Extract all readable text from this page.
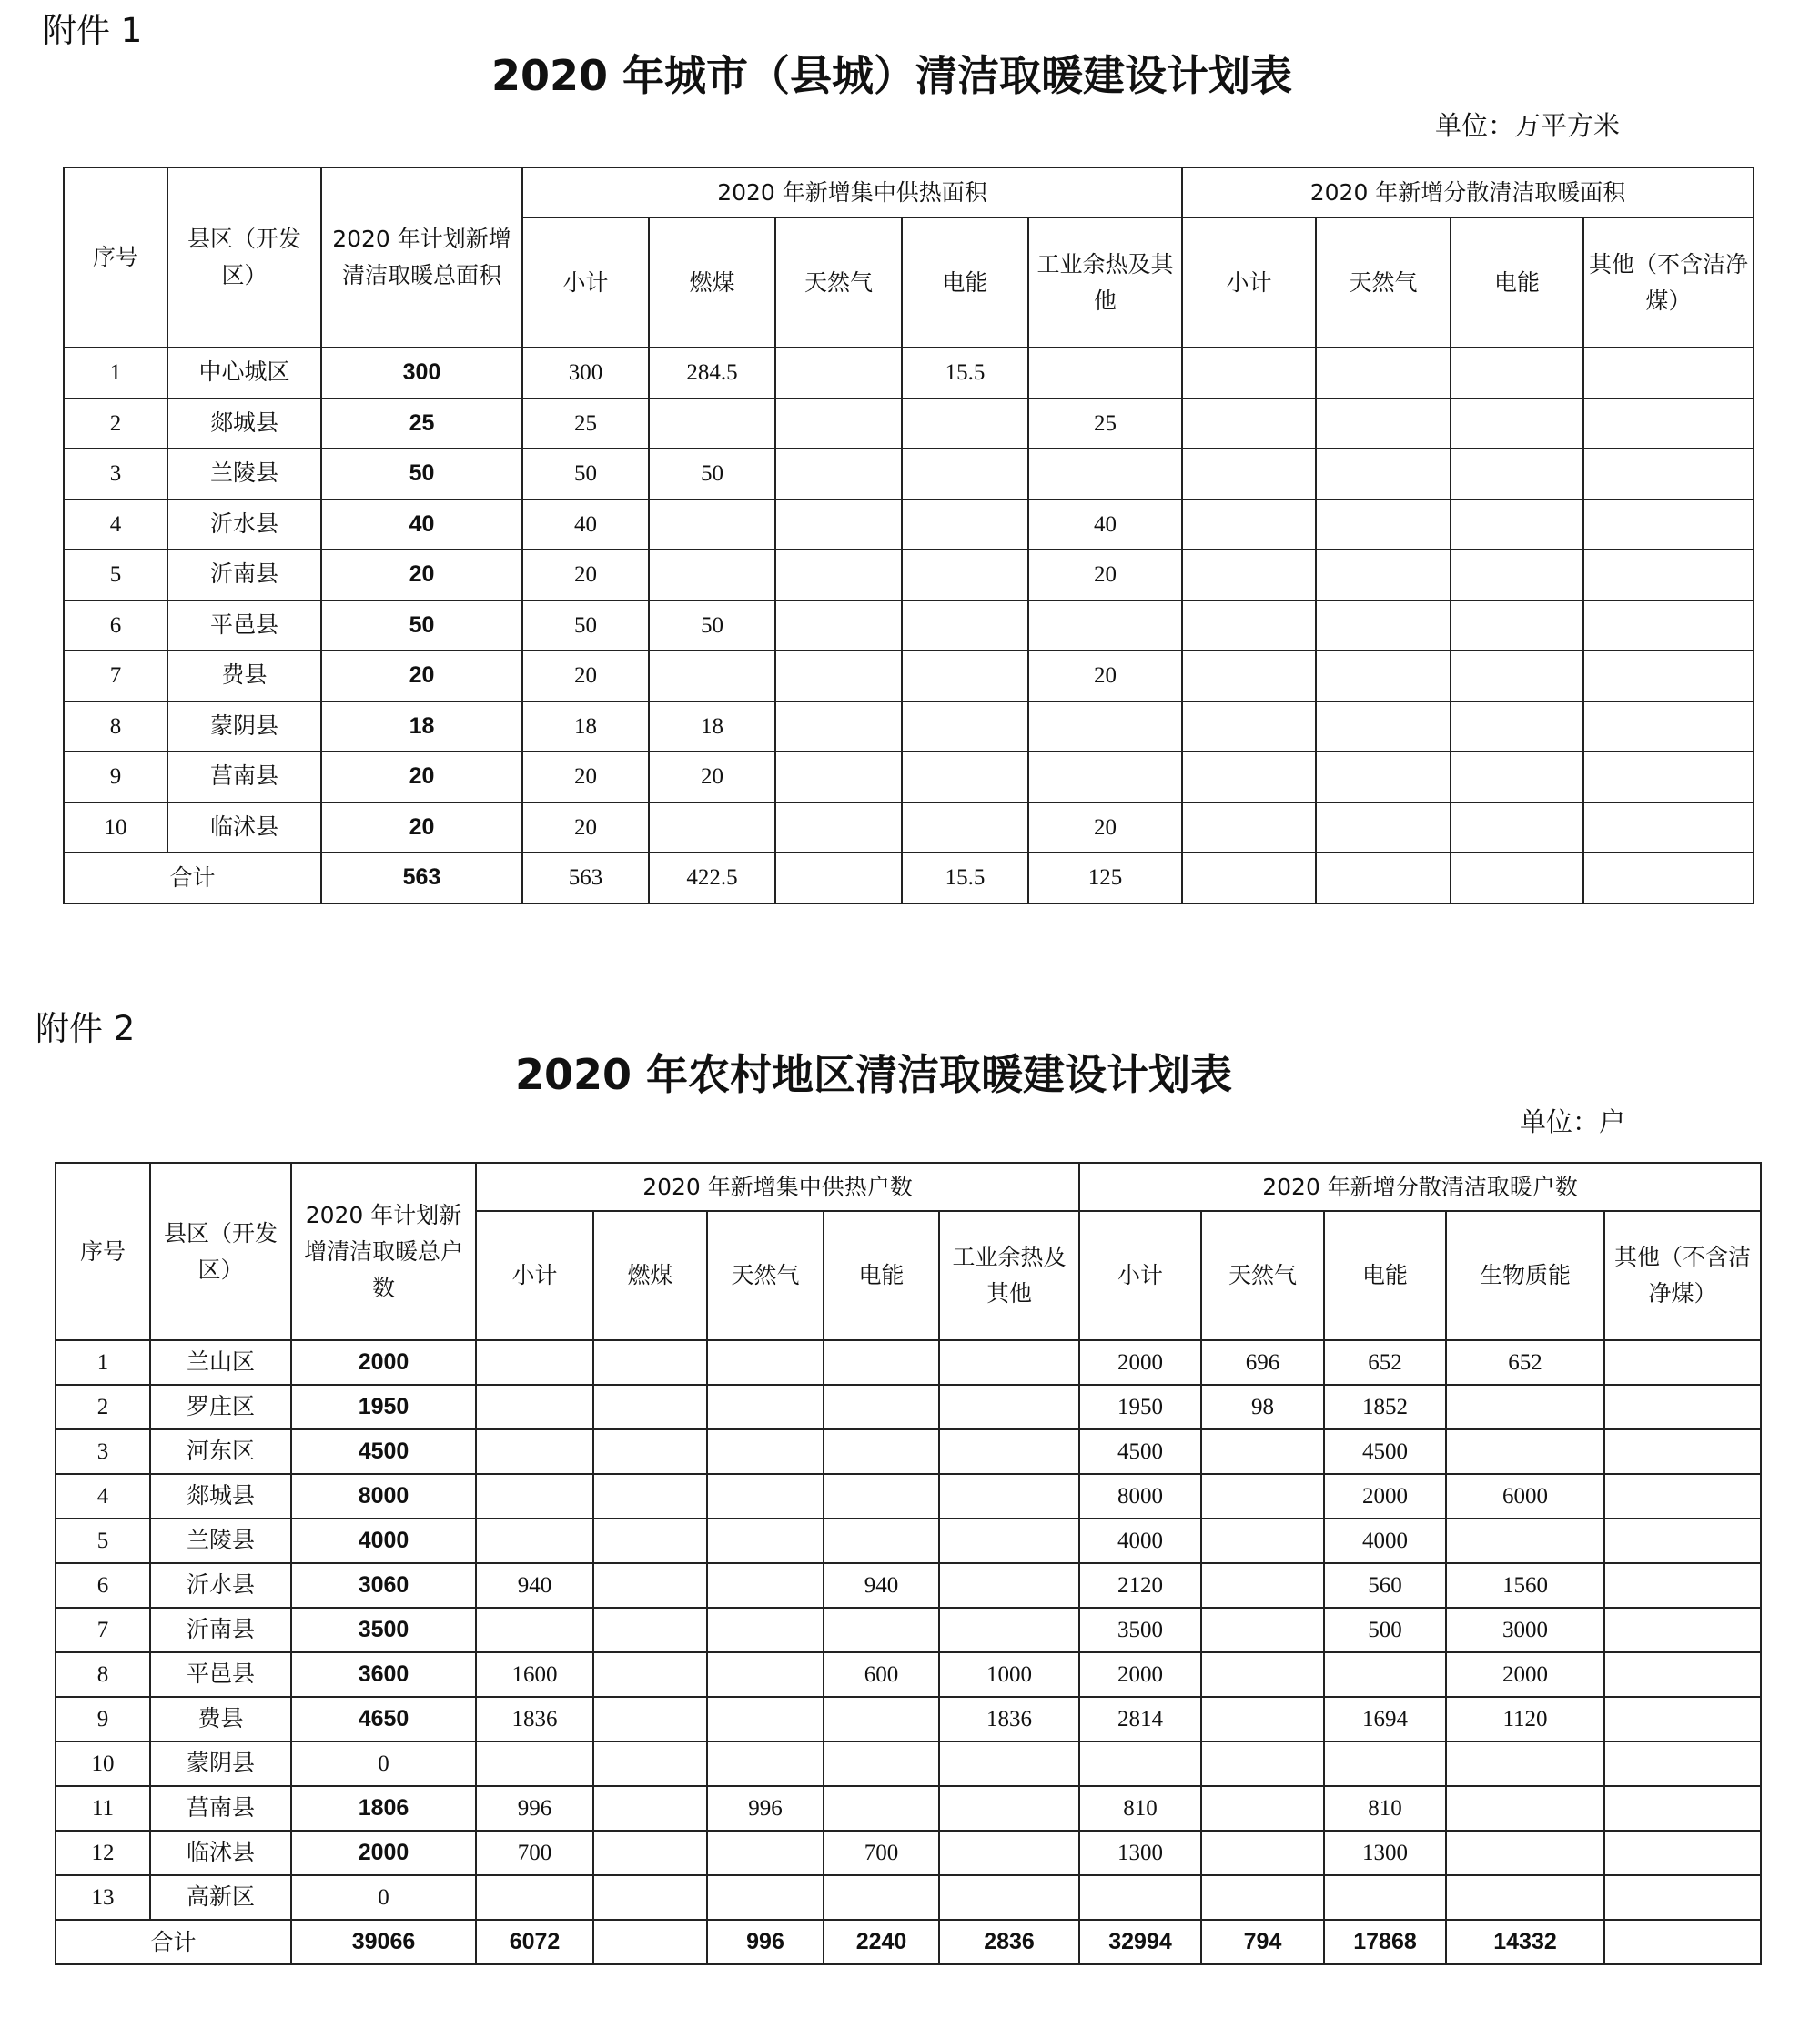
附件 1
2020 年城市（县城）清洁取暖建设计划表
单位：万平方米
序号	县区（开发区）	2020 年计划新增清洁取暖总面积	2020 年新增集中供热面积					2020 年新增分散清洁取暖面积			
			小计	燃煤	天然气	电能	工业余热及其他	小计	天然气	电能	其他（不含洁净煤）
1	中心城区	300	300	284.5		15.5					
2	郯城县	25	25				25				
3	兰陵县	50	50	50							
4	沂水县	40	40				40				
5	沂南县	20	20				20				
6	平邑县	50	50	50							
7	费县	20	20				20				
8	蒙阴县	18	18	18							
9	莒南县	20	20	20							
10	临沭县	20	20				20				
合计		563	563	422.5		15.5	125				
附件 2
2020 年农村地区清洁取暖建设计划表
单位：户
序号	县区（开发区）	2020 年计划新增清洁取暖总户数	2020 年新增集中供热户数					2020 年新增分散清洁取暖户数				
			小计	燃煤	天然气	电能	工业余热及其他	小计	天然气	电能	生物质能	其他（不含洁净煤）
1	兰山区	2000						2000	696	652	652	
2	罗庄区	1950						1950	98	1852		
3	河东区	4500						4500		4500		
4	郯城县	8000						8000		2000	6000	
5	兰陵县	4000						4000		4000		
6	沂水县	3060	940			940		2120		560	1560	
7	沂南县	3500						3500		500	3000	
8	平邑县	3600	1600			600	1000	2000			2000	
9	费县	4650	1836				1836	2814		1694	1120	
10	蒙阴县	0										
11	莒南县	1806	996		996			810		810		
12	临沭县	2000	700			700		1300		1300		
13	高新区	0										
合计		39066	6072		996	2240	2836	32994	794	17868	14332	
